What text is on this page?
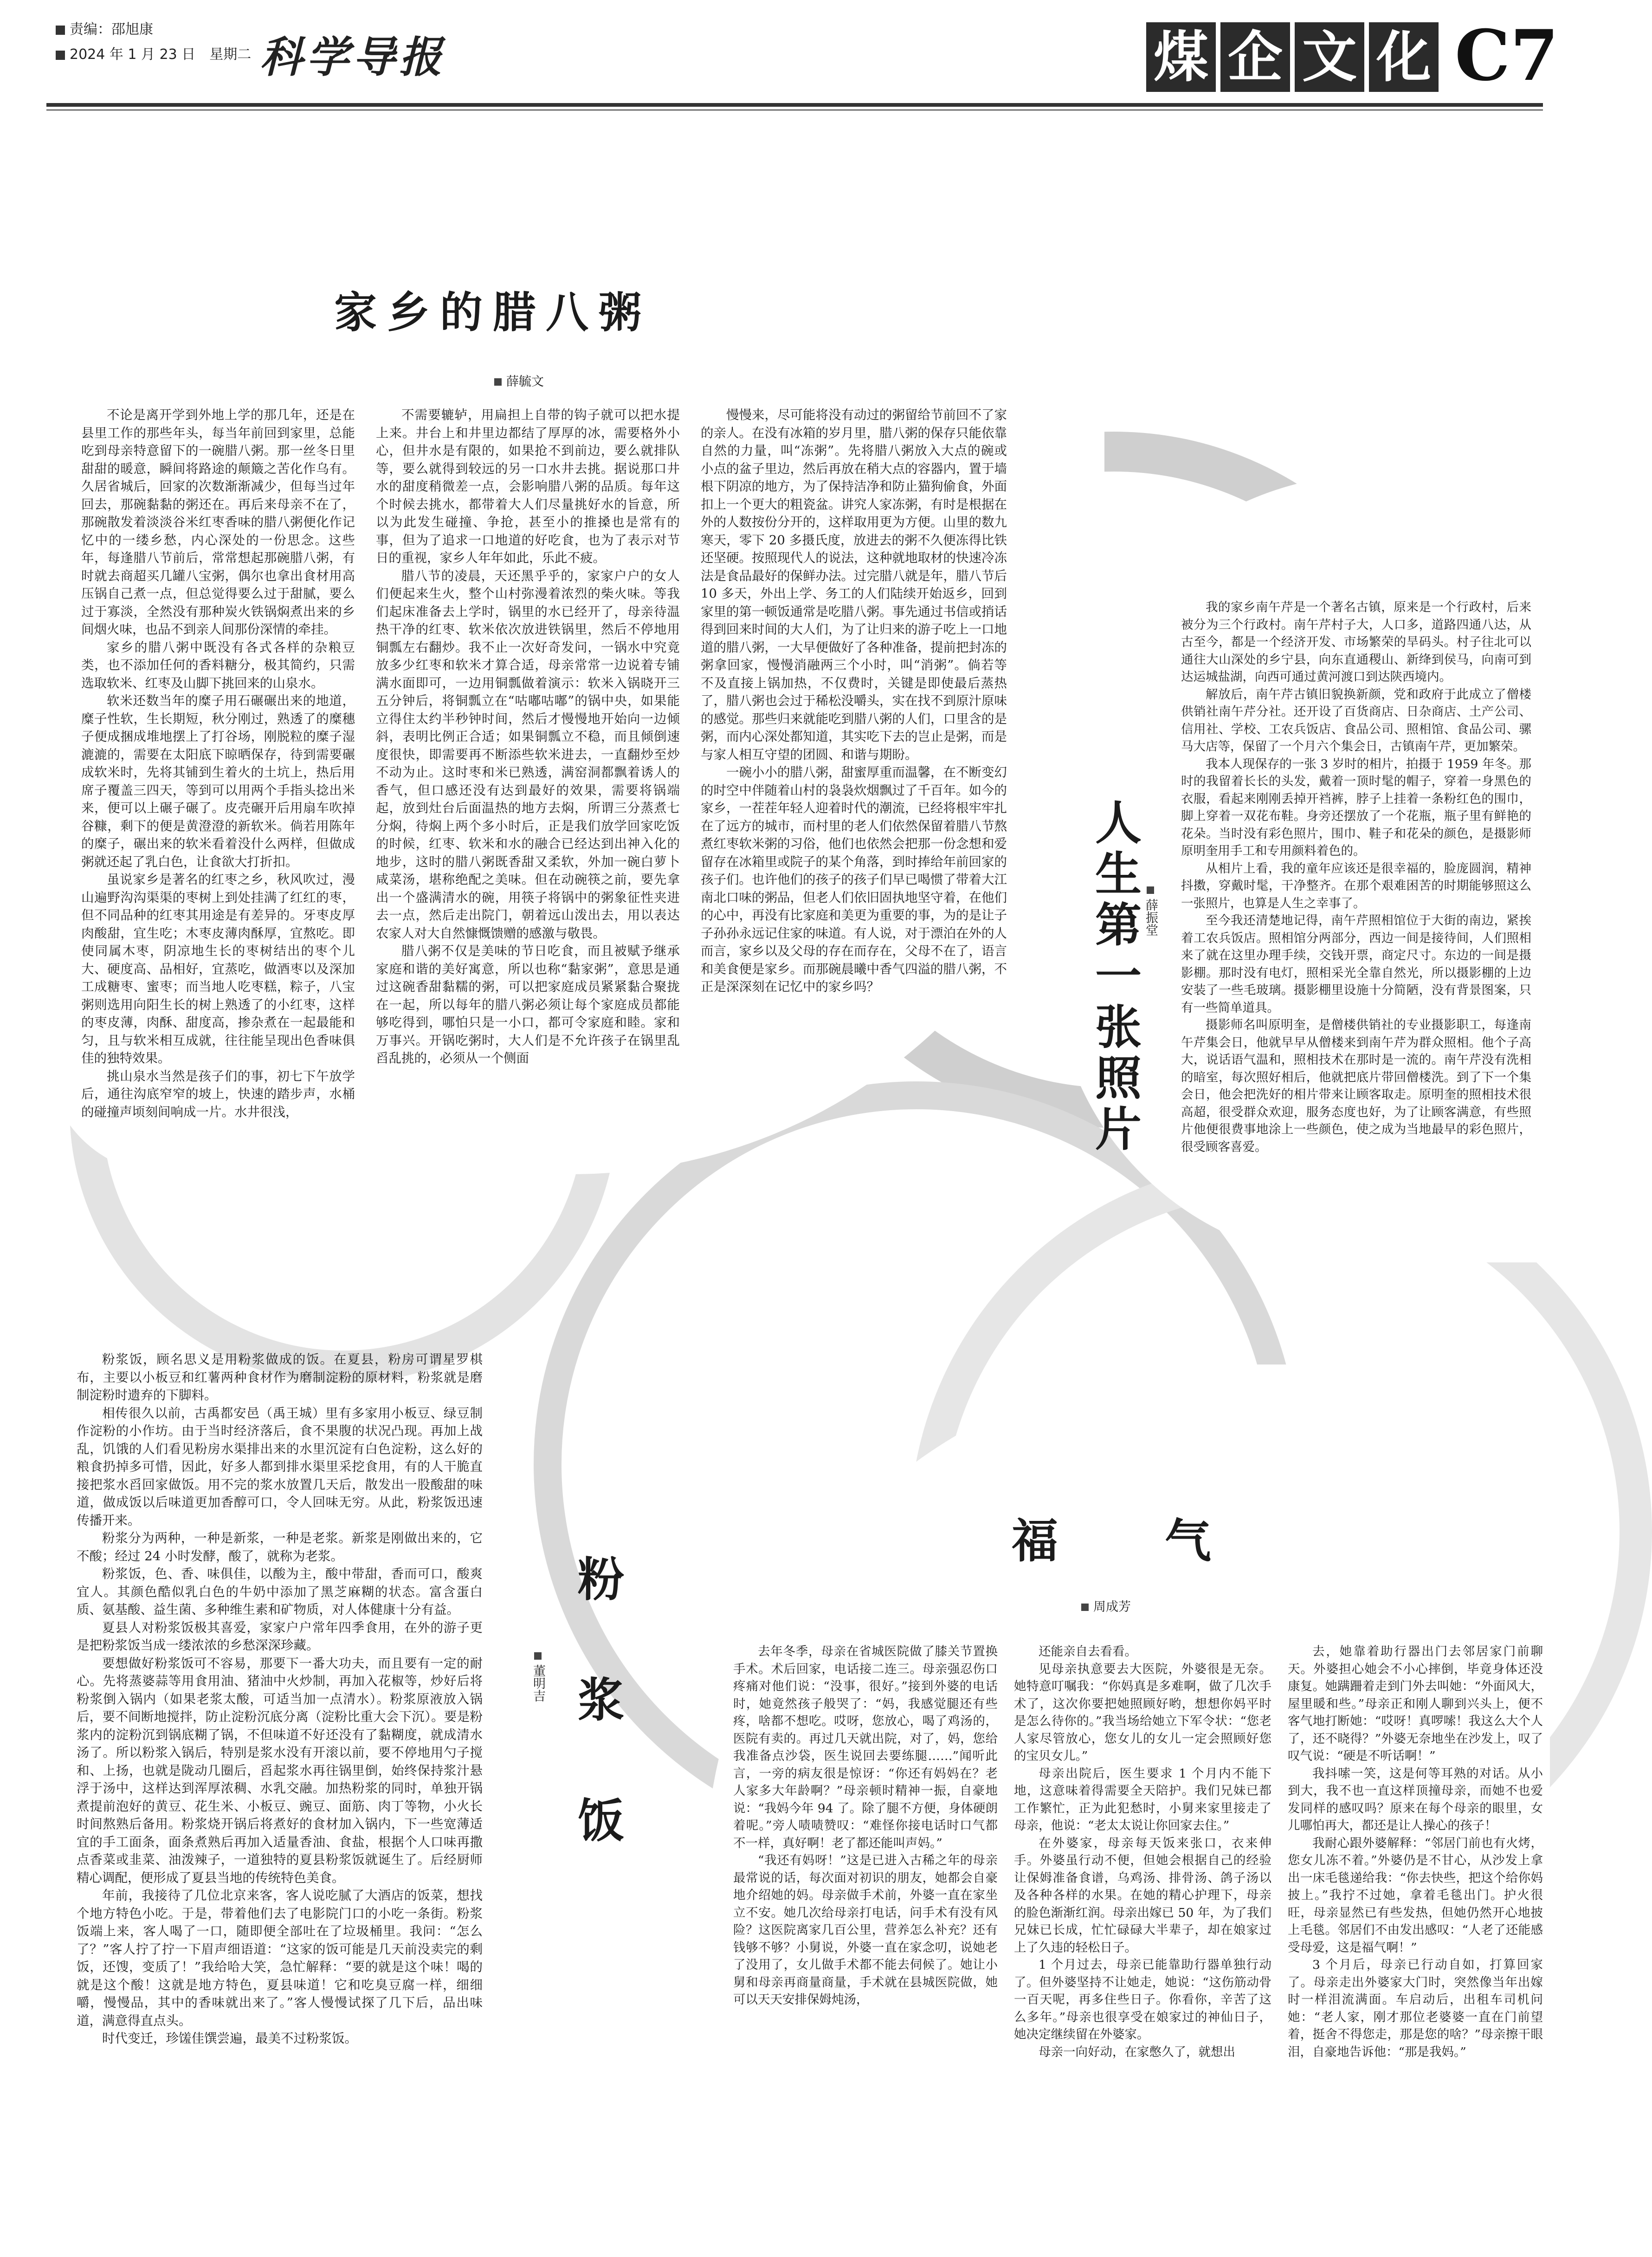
责编：邵旭康
2024 年 1 月 23 日　星期二 科学导报	煤 企 文 化 C7
家乡的腊八粥
薛毓文

不论是离开学到外地上学的那几年，还是在县里工作的那些年头，每当年前回到家里，总能吃到母亲特意留下的一碗腊八粥。那一丝冬日里甜甜的暖意，瞬间将路途的颠簸之苦化作乌有。久居省城后，回家的次数渐渐减少，但每当过年回去，那碗黏黏的粥还在。再后来母亲不在了，那碗散发着淡淡谷米红枣香味的腊八粥便化作记忆中的一缕乡愁，内心深处的一份思念。这些年，每逢腊八节前后，常常想起那碗腊八粥，有时就去商超买几罐八宝粥，偶尔也拿出食材用高压锅自己煮一点，但总觉得要么过于甜腻，要么过于寡淡，全然没有那种炭火铁锅焖煮出来的乡间烟火味，也品不到亲人间那份深情的牵挂。

家乡的腊八粥中既没有各式各样的杂粮豆类，也不添加任何的香料糖分，极其简约，只需选取软米、红枣及山脚下挑回来的山泉水。

软米还数当年的糜子用石碾碾出来的地道，糜子性软，生长期短，秋分刚过，熟透了的糜穗子便成捆成堆地摆上了打谷场，刚脱粒的糜子湿漉漉的，需要在太阳底下晾晒保存，待到需要碾成软米时，先将其铺到生着火的土坑上，热后用席子覆盖三四天，等到可以用两个手指头捻出米来，便可以上碾子碾了。皮壳碾开后用扇车吹掉谷糠，剩下的便是黄澄澄的新软米。倘若用陈年的糜子，碾出来的软米看着没什么两样，但做成粥就还起了乳白色，让食欲大打折扣。

虽说家乡是著名的红枣之乡，秋风吹过，漫山遍野沟沟渠渠的枣树上到处挂满了红红的枣，但不同品种的红枣其用途是有差异的。牙枣皮厚肉酸甜，宜生吃；木枣皮薄肉酥厚，宜熬吃。即使同属木枣，阴凉地生长的枣树结出的枣个儿大、硬度高、品相好，宜蒸吃，做酒枣以及深加工成糖枣、蜜枣；而当地人吃枣糕，粽子，八宝粥则选用向阳生长的树上熟透了的小红枣，这样的枣皮薄，肉酥、甜度高，掺杂煮在一起最能和匀，且与软米相互成就，往往能呈现出色香味俱佳的独特效果。

挑山泉水当然是孩子们的事，初七下午放学后，通往沟底窄窄的坡上，快速的踏步声，水桶的碰撞声顷刻间响成一片。水井很浅，

不需要辘轳，用扁担上自带的钩子就可以把水提上来。井台上和井里边都结了厚厚的冰，需要格外小心，但井水是有限的，如果抢不到前边，要么就排队等，要么就得到较远的另一口水井去挑。据说那口井水的甜度稍微差一点，会影响腊八粥的品质。每年这个时候去挑水，都带着大人们尽量挑好水的旨意，所以为此发生碰撞、争抢，甚至小的推搡也是常有的事，但为了追求一口地道的好吃食，也为了表示对节日的重视，家乡人年年如此，乐此不疲。

腊八节的凌晨，天还黑乎乎的，家家户户的女人们便起来生火，整个山村弥漫着浓烈的柴火味。等我们起床准备去上学时，锅里的水已经开了，母亲待温热干净的红枣、软米依次放进铁锅里，然后不停地用铜瓢左右翻炒。我不止一次好奇发问，一锅水中究竟放多少红枣和软米才算合适，母亲常常一边说着专铺满水面即可，一边用铜瓢做着演示：软米入锅晓开三五分钟后，将铜瓢立在“咕嘟咕嘟”的锅中央，如果能立得住太约半秒钟时间，然后才慢慢地开始向一边倾斜，表明比例正合适；如果铜瓢立不稳，而且倾倒速度很快，即需要再不断添些软米进去，一直翻炒至炒不动为止。这时枣和米已熟透，满窑洞都飘着诱人的香气，但口感还没有达到最好的效果，需要将锅端起，放到灶台后面温热的地方去焖，所谓三分蒸煮七分焖，待焖上两个多小时后，正是我们放学回家吃饭的时候，红枣、软米和水的融合已经达到出神入化的地步，这时的腊八粥既香甜又柔软，外加一碗白萝卜咸菜汤，堪称绝配之美味。但在动碗筷之前，要先拿出一个盛满清水的碗，用筷子将锅中的粥象征性夹进去一点，然后走出院门，朝着远山泼出去，用以表达农家人对大自然慷慨馈赠的感激与敬畏。

腊八粥不仅是美味的节日吃食，而且被赋予继承家庭和谐的美好寓意，所以也称“黏家粥”，意思是通过这碗香甜黏糯的粥，可以把家庭成员紧紧黏合聚拢在一起，所以每年的腊八粥必须让每个家庭成员都能够吃得到，哪怕只是一小口，都可令家庭和睦。家和万事兴。开锅吃粥时，大人们是不允许孩子在锅里乱舀乱挑的，必须从一个侧面

慢慢来，尽可能将没有动过的粥留给节前回不了家的亲人。在没有冰箱的岁月里，腊八粥的保存只能依靠自然的力量，叫“冻粥”。先将腊八粥放入大点的碗或小点的盆子里边，然后再放在稍大点的容器内，置于墙根下阴凉的地方，为了保持洁净和防止猫狗偷食，外面扣上一个更大的粗瓷盆。讲究人家冻粥，有时是根据在外的人数按份分开的，这样取用更为方便。山里的数九寒天，零下 20 多摄氏度，放进去的粥不久便冻得比铁还坚硬。按照现代人的说法，这种就地取材的快速冷冻法是食品最好的保鲜办法。过完腊八就是年，腊八节后 10 多天，外出上学、务工的人们陆续开始返乡，回到家里的第一顿饭通常是吃腊八粥。事先通过书信或捎话得到回来时间的大人们，为了让归来的游子吃上一口地道的腊八粥，一大早便做好了各种准备，提前把封冻的粥拿回家，慢慢消融两三个小时，叫“消粥”。倘若等不及直接上锅加热，不仅费时，关键是即使最后蒸热了，腊八粥也会过于稀松没嚼头，实在找不到原汁原味的感觉。那些归来就能吃到腊八粥的人们，口里含的是粥，而内心深处都知道，其实吃下去的岂止是粥，而是与家人相互守望的团圆、和谐与期盼。

一碗小小的腊八粥，甜蜜厚重而温馨，在不断变幻的时空中伴随着山村的袅袅炊烟飘过了千百年。如今的家乡，一茬茬年轻人迎着时代的潮流，已经将根牢牢扎在了远方的城市，而村里的老人们依然保留着腊八节熬煮红枣软米粥的习俗，他们也依然会把那一份念想和爱留存在冰箱里或院子的某个角落，到时捧给年前回家的孩子们。也许他们的孩子的孩子们早已喝惯了带着大江南北口味的粥品，但老人们依旧固执地坚守着，在他们的心中，再没有比家庭和美更为重要的事，为的是让子子孙孙永远记住家的味道。有人说，对于漂泊在外的人而言，家乡以及父母的存在而存在，父母不在了，语言和美食便是家乡。而那碗晨曦中香气四溢的腊八粥，不正是深深刻在记忆中的家乡吗？	人生第一张照片 薛振堂

我的家乡南午芹是一个著名古镇，原来是一个行政村，后来被分为三个行政村。南午芹村子大，人口多，道路四通八达，从古至今，都是一个经济开发、市场繁荣的旱码头。村子往北可以通往大山深处的乡宁县，向东直通稷山、新绛到侯马，向南可到达运城盐湖，向西可通过黄河渡口到达陕西境内。

解放后，南午芹古镇旧貌换新颜，党和政府于此成立了僧楼供销社南午芹分社。还开设了百货商店、日杂商店、土产公司、信用社、学校、工农兵饭店、食品公司、照相馆、食品公司、骡马大店等，保留了一个月六个集会日，古镇南午芹，更加繁荣。

我本人现保存的一张 3 岁时的相片，拍摄于 1959 年冬。那时的我留着长长的头发，戴着一顶时髦的帽子，穿着一身黑色的衣服，看起来刚刚丢掉开裆裤，脖子上挂着一条粉红色的围巾，脚上穿着一双花布鞋。身旁还摆放了一个花瓶，瓶子里有鲜艳的花朵。当时没有彩色照片，围巾、鞋子和花朵的颜色，是摄影师原明奎用手工和专用颜料着色的。

从相片上看，我的童年应该还是很幸福的，脸庞圆润，精神抖擞，穿戴时髦，干净整齐。在那个艰难困苦的时期能够照这么一张照片，也算是人生之幸事了。

至今我还清楚地记得，南午芹照相馆位于大街的南边，紧挨着工农兵饭店。照相馆分两部分，西边一间是接待间，人们照相来了就在这里办理手续，交钱开票，商定尺寸。东边的一间是摄影棚。那时没有电灯，照相采光全靠自然光，所以摄影棚的上边安装了一些毛玻璃。摄影棚里设施十分简陋，没有背景图案，只有一些简单道具。

摄影师名叫原明奎，是僧楼供销社的专业摄影职工，每逢南午芹集会日，他就早早从僧楼来到南午芹为群众照相。他个子高大，说话语气温和，照相技术在那时是一流的。南午芹没有洗相的暗室，每次照好相后，他就把底片带回僧楼洗。到了下一个集会日，他会把洗好的相片带来让顾客取走。原明奎的照相技术很高超，很受群众欢迎，服务态度也好，为了让顾客满意，有些照片他便很费事地涂上一些颜色，使之成为当地最早的彩色照片，很受顾客喜爱。

粉浆饭，顾名思义是用粉浆做成的饭。在夏县，粉房可谓星罗棋布，主要以小板豆和红薯两种食材作为磨制淀粉的原材料，粉浆就是磨制淀粉时遗弃的下脚料。

相传很久以前，古禹都安邑（禹王城）里有多家用小板豆、绿豆制作淀粉的小作坊。由于当时经济落后，食不果腹的状况凸现。再加上战乱，饥饿的人们看见粉房水渠排出来的水里沉淀有白色淀粉，这么好的粮食扔掉多可惜，因此，好多人都到排水渠里采挖食用，有的人干脆直接把浆水舀回家做饭。用不完的浆水放置几天后，散发出一股酸甜的味道，做成饭以后味道更加香醇可口，令人回味无穷。从此，粉浆饭迅速传播开来。

粉浆分为两种，一种是新浆，一种是老浆。新浆是刚做出来的，它不酸；经过 24 小时发酵，酸了，就称为老浆。

粉浆饭，色、香、味俱佳，以酸为主，酸中带甜，香而可口，酸爽宜人。其颜色酷似乳白色的牛奶中添加了黑芝麻糊的状态。富含蛋白质、氨基酸、益生菌、多种维生素和矿物质，对人体健康十分有益。

夏县人对粉浆饭极其喜爱，家家户户常年四季食用，在外的游子更是把粉浆饭当成一缕浓浓的乡愁深深珍藏。

要想做好粉浆饭可不容易，那要下一番大功夫，而且要有一定的耐心。先将蒸婆蒜等用食用油、猪油中火炒制，再加入花椒等，炒好后将粉浆倒入锅内（如果老浆太酸，可适当加一点清水）。粉浆原液放入锅后，要不间断地搅拌，防止淀粉沉底分离（淀粉比重大会下沉）。要是粉浆内的淀粉沉到锅底糊了锅，不但味道不好还没有了黏糊度，就成清水汤了。所以粉浆入锅后，特别是浆水没有开滚以前，要不停地用勺子搅和、上扬，也就是陇动几圈后，舀起浆水再往锅里倒，始终保持浆汁悬浮于汤中，这样达到浑厚浓稠、水乳交融。加热粉浆的同时，单独开锅煮提前泡好的黄豆、花生米、小板豆、豌豆、面筋、肉丁等物，小火长时间熬熟后备用。粉浆烧开锅后将煮好的食材加入锅内，下一些宽薄适宜的手工面条，面条煮熟后再加入适量香油、食盐，根据个人口味再撒点香菜或韭菜、油泼辣子，一道独特的夏县粉浆饭就诞生了。后经厨师精心调配，便形成了夏县当地的传统特色美食。

年前，我接待了几位北京来客，客人说吃腻了大酒店的饭菜，想找个地方特色小吃。于是，带着他们去了电影院门口的小吃一条街。粉浆饭端上来，客人喝了一口，随即便全部吐在了垃圾桶里。我问：“怎么了？”客人拧了拧一下眉声细语道：“这家的饭可能是几天前没卖完的剩饭，还馊，变质了！”我给哈大笑，急忙解释：“要的就是这个味！喝的就是这个酸！这就是地方特色，夏县味道！它和吃臭豆腐一样，细细嚼，慢慢品，其中的香味就出来了。”客人慢慢试探了几下后，品出味道，满意得直点头。

时代变迁，珍馐佳馔尝遍，最美不过粉浆饭。

粉浆饭
董明吉
福　　气
周成芳

去年冬季，母亲在省城医院做了膝关节置换手术。术后回家，电话接二连三。母亲强忍伤口疼痛对他们说：“没事，很好。”接到外婆的电话时，她竟然孩子般哭了：“妈，我感觉腿还有些疼，啥都不想吃。哎呀，您放心，喝了鸡汤的，医院有卖的。再过几天就出院，对了，妈，您给我准备点沙袋，医生说回去要练腿……”闻听此言，一旁的病友很是惊讶：“你还有妈妈在？老人家多大年龄啊？”母亲顿时精神一振，自豪地说：“我妈今年 94 了。除了腿不方便，身体硬朗着呢。”旁人啧啧赞叹：“难怪你接电话时口气都不一样，真好啊！老了都还能叫声妈。”

“我还有妈呀！”这是已进入古稀之年的母亲最常说的话，每次面对初识的朋友，她都会自豪地介绍她的妈。母亲做手术前，外婆一直在家坐立不安。她几次给母亲打电话，问手术有没有风险？这医院离家几百公里，营养怎么补充？还有钱够不够？小舅说，外婆一直在家念叨，说她老了没用了，女儿做手术都不能去伺候了。她让小舅和母亲再商量商量，手术就在县城医院做，她可以天天安排保姆炖汤，

还能亲自去看看。

见母亲执意要去大医院，外婆很是无奈。她特意叮嘱我：“你妈真是多难啊，做了几次手术了，这次你要把她照顾好哟，想想你妈平时是怎么待你的。”我当场给她立下军令状：“您老人家尽管放心，您女儿的女儿一定会照顾好您的宝贝女儿。”

母亲出院后，医生要求 1 个月内不能下地，这意味着得需要全天陪护。我们兄妹已都工作繁忙，正为此犯愁时，小舅来家里接走了母亲，他说：“老太太说让你回家去住。”

在外婆家，母亲每天饭来张口，衣来伸手。外婆虽行动不便，但她会根据自己的经验让保姆准备食谱，乌鸡汤、排骨汤、鸽子汤以及各种各样的水果。在她的精心护理下，母亲的脸色渐渐红润。母亲出嫁已 50 年，为了我们兄妹已长成，忙忙碌碌大半辈子，却在娘家过上了久违的轻松日子。

1 个月过去，母亲已能靠助行器单独行动了。但外婆坚持不让她走，她说：“这伤筋动骨一百天呢，再多住些日子。你看你，辛苦了这么多年。”母亲也很享受在娘家过的神仙日子，她决定继续留在外婆家。

母亲一向好动，在家憋久了，就想出

去，她靠着助行器出门去邻居家门前聊天。外婆担心她会不小心摔倒，毕竟身体还没康复。她蹒跚着走到门外去叫她：“外面风大，屋里暖和些。”母亲正和刚人聊到兴头上，便不客气地打断她：“哎呀！真啰嗦！我这么大个人了，还不晓得？”外婆无奈地坐在沙发上，叹了叹气说：“硬是不听话啊！”

我抖嗦一笑，这是何等耳熟的对话。从小到大，我不也一直这样顶撞母亲，而她不也爱发同样的感叹吗？原来在每个母亲的眼里，女儿哪怕再大，都还是让人操心的孩子！

我耐心跟外婆解释：“邻居门前也有火烤，您女儿冻不着。”外婆仍是不甘心，从沙发上拿出一床毛毯递给我：“你去快些，把这个给你妈披上。”我拧不过她，拿着毛毯出门。护火很旺，母亲显然已有些发热，但她仍然开心地披上毛毯。邻居们不由发出感叹：“人老了还能感受母爱，这是福气啊！”

3 个月后，母亲已行动自如，打算回家了。母亲走出外婆家大门时，突然像当年出嫁时一样泪流满面。车启动后，出租车司机问她：“老人家，刚才那位老婆婆一直在门前望着，挺舍不得您走，那是您的啥？”母亲擦干眼泪，自豪地告诉他：“那是我妈。”
